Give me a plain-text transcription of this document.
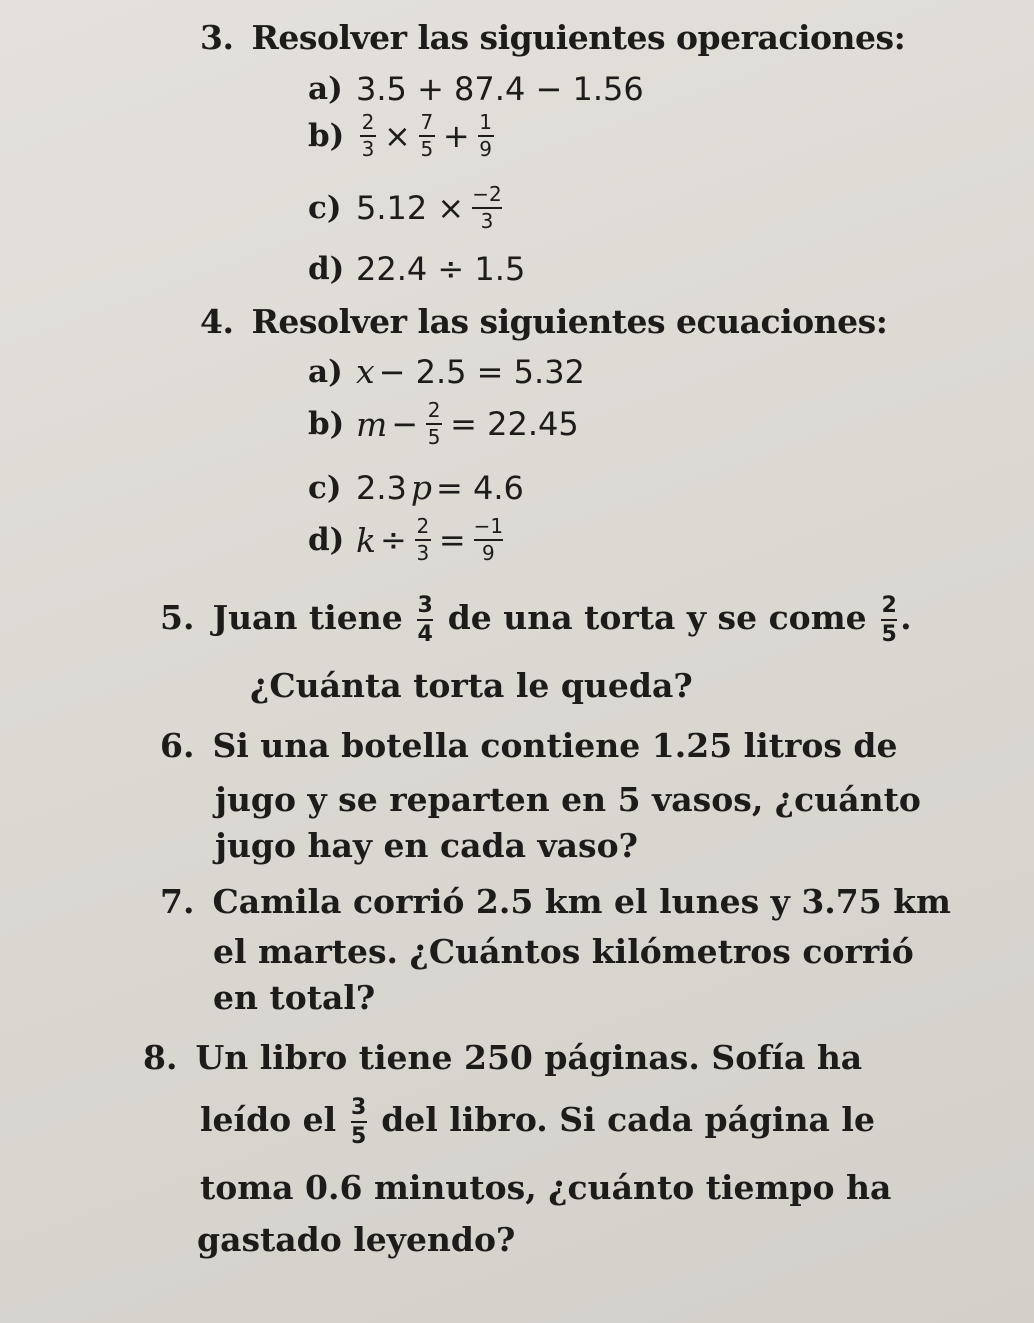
3. Resolver las siguientes operaciones:
a) 3.5 + 87.4 − 1.56
$b) \frac{2}{3} \times \frac{7}{5} + \frac{1}{9}$
c) $5.12 \times \frac{-2}{3}$
d) 22.4 ÷ 1.5
4. Resolver las siguientes ecuaciones:
a) x − 2.5 = 5.32
b) $m - \frac{2}{5} = 22.45$
c) 2.3 p = 4.6
d) $k \div \frac{2}{3} = \frac{-1}{9}$
5. Juan tiene $\frac{3}{4}$ de una torta y se come $\frac{2}{5}$ .
¿Cuánta torta le queda?
6. Si una botella contiene 1.25 litros de
jugo y se reparten en 5 vasos, ¿cuánto
jugo hay en cada vaso?
7. Camila corrió 2.5 km el lunes y 3.75 km
el martes. ¿Cuántos kilómetros corrió
en total?
8. Un libro tiene 250 páginas. Sofía ha
leído el $\frac{3}{5}$ del libro. Si cada página le
toma 0.6 minutos, ¿cuánto tiempo ha
gastado leyendo?
